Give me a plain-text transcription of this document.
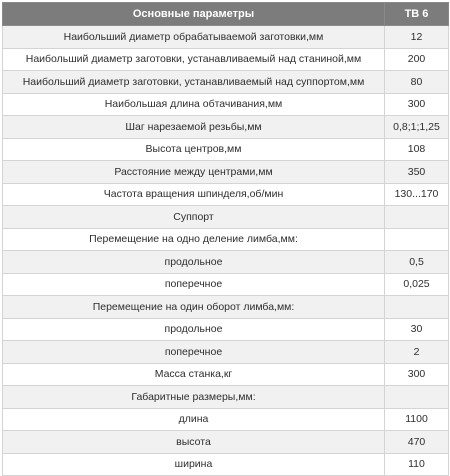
Основные параметры	ТВ 6
Наибольший диаметр обрабатываемой заготовки,мм	12
Наибольший диаметр заготовки, устанавливаемый над станиной,мм	200
Наибольший диаметр заготовки, устанавливаемый над суппортом,мм	80
Наибольшая длина обтачивания,мм	300
Шаг нарезаемой резьбы,мм	0,8;1;1,25
Высота центров,мм	108
Расстояние между центрами,мм	350
Частота вращения шпинделя,об/мин	130...170
Суппорт	
Перемещение на одно деление лимба,мм:	
продольное	0,5
поперечное	0,025
Перемещение на один оборот лимба,мм:	
продольное	30
поперечное	2
Масса станка,кг	300
Габаритные размеры,мм:	
длина	1100
высота	470
ширина	110
